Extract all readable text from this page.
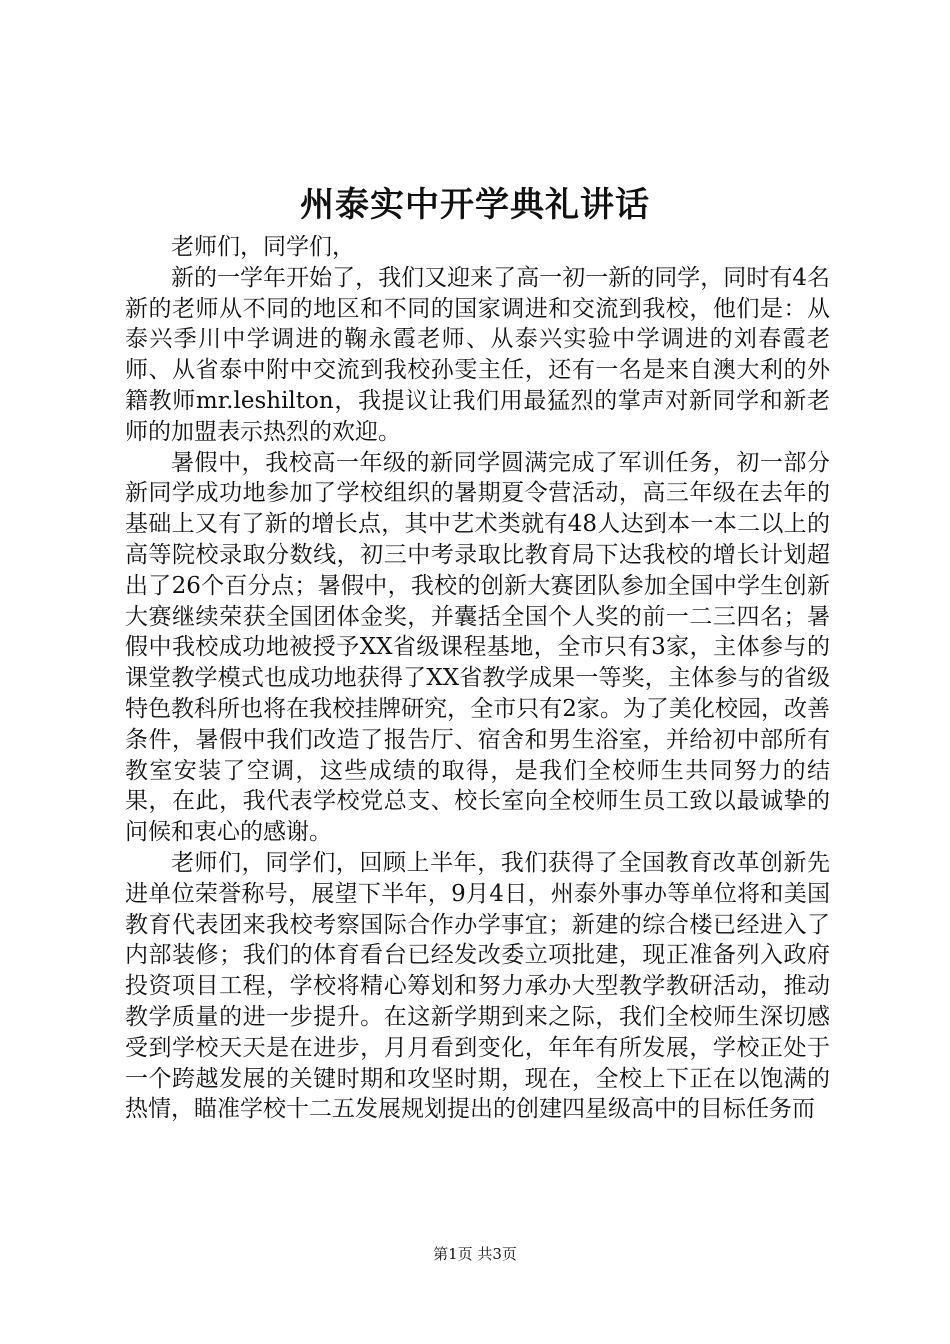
州泰实中开学典礼讲话

老师们，同学们，

新的一学年开始了，我们又迎来了高一初一新的同学，同时有4名新的老师从不同的地区和不同的国家调进和交流到我校，他们是：从泰兴季川中学调进的鞠永霞老师、从泰兴实验中学调进的刘春霞老师、从省泰中附中交流到我校孙雯主任，还有一名是来自澳大利的外籍教师mr.leshilton，我提议让我们用最猛烈的掌声对新同学和新老师的加盟表示热烈的欢迎。

暑假中，我校高一年级的新同学圆满完成了军训任务，初一部分新同学成功地参加了学校组织的暑期夏令营活动，高三年级在去年的基础上又有了新的增长点，其中艺术类就有48人达到本一本二以上的高等院校录取分数线，初三中考录取比教育局下达我校的增长计划超出了26个百分点；暑假中，我校的创新大赛团队参加全国中学生创新大赛继续荣获全国团体金奖，并囊括全国个人奖的前一二三四名；暑假中我校成功地被授予XX省级课程基地，全市只有3家，主体参与的课堂教学模式也成功地获得了XX省教学成果一等奖，主体参与的省级特色教科所也将在我校挂牌研究，全市只有2家。为了美化校园，改善条件，暑假中我们改造了报告厅、宿舍和男生浴室，并给初中部所有教室安装了空调，这些成绩的取得，是我们全校师生共同努力的结果，在此，我代表学校党总支、校长室向全校师生员工致以最诚挚的问候和衷心的感谢。

老师们，同学们，回顾上半年，我们获得了全国教育改革创新先进单位荣誉称号，展望下半年，9月4日，州泰外事办等单位将和美国教育代表团来我校考察国际合作办学事宜；新建的综合楼已经进入了内部装修；我们的体育看台已经发改委立项批建，现正准备列入政府投资项目工程，学校将精心筹划和努力承办大型教学教研活动，推动教学质量的进一步提升。在这新学期到来之际，我们全校师生深切感受到学校天天是在进步，月月看到变化，年年有所发展，学校正处于一个跨越发展的关键时期和攻坚时期，现在，全校上下正在以饱满的热情，瞄准学校十二五发展规划提出的创建四星级高中的目标任务而

第1页 共3页
